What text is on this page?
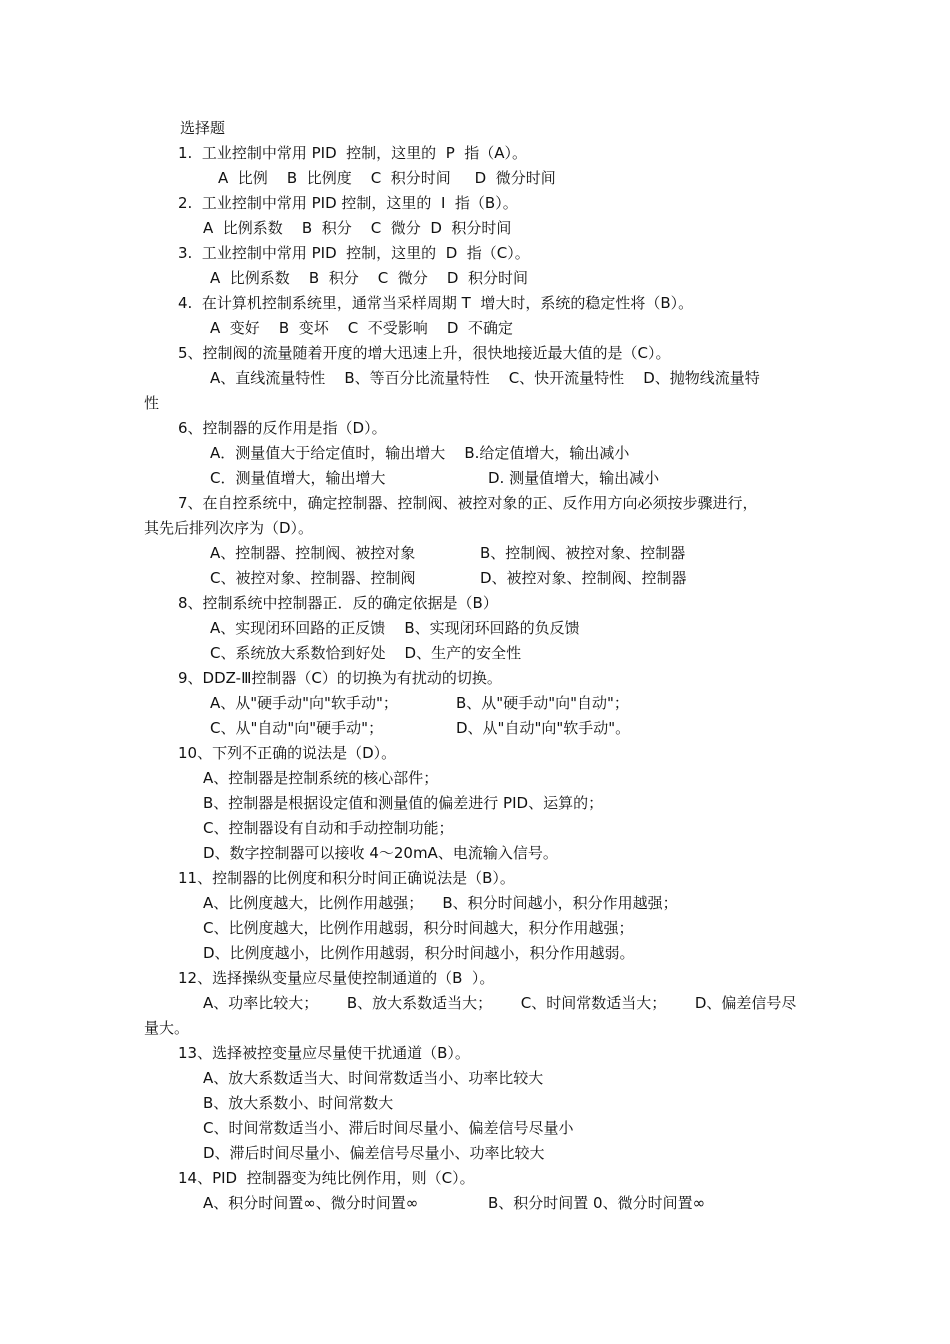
选择题
1.  工业控制中常用 PID  控制，这里的  P  指（A）。
A  比例    B  比例度    C  积分时间     D  微分时间
2.  工业控制中常用 PID 控制，这里的  I  指（B）。
A  比例系数    B  积分    C  微分  D  积分时间
3.  工业控制中常用 PID  控制，这里的  D  指（C）。
A  比例系数    B  积分    C  微分    D  积分时间
4.  在计算机控制系统里，通常当采样周期 T  增大时，系统的稳定性将（B）。
A  变好    B  变坏    C  不受影响    D  不确定
5、控制阀的流量随着开度的增大迅速上升，很快地接近最大值的是（C）。
A、直线流量特性    B、等百分比流量特性    C、快开流量特性    D、抛物线流量特
性
6、控制器的反作用是指（D）。
A．测量值大于给定值时，输出增大    B.给定值增大，输出减小
C．测量值增大，输出增大	D. 测量值增大，输出减小
7、在自控系统中，确定控制器、控制阀、被控对象的正、反作用方向必须按步骤进行，
其先后排列次序为（D）。
A、控制器、控制阀、被控对象	B、控制阀、被控对象、控制器
C、被控对象、控制器、控制阀	D、被控对象、控制阀、控制器
8、控制系统中控制器正．反的确定依据是（B）
A、实现闭环回路的正反馈    B、实现闭环回路的负反馈
C、系统放大系数恰到好处    D、生产的安全性
9、DDZ-Ⅲ控制器（C）的切换为有扰动的切换。
A、从"硬手动"向"软手动"；	B、从"硬手动"向"自动"；
C、从"自动"向"硬手动"；	D、从"自动"向"软手动"。
10、下列不正确的说法是（D）。
A、控制器是控制系统的核心部件；
B、控制器是根据设定值和测量值的偏差进行 PID、运算的；
C、控制器设有自动和手动控制功能；
D、数字控制器可以接收 4～20mA、电流输入信号。
11、控制器的比例度和积分时间正确说法是（B）。
A、比例度越大，比例作用越强；    B、积分时间越小，积分作用越强；
C、比例度越大，比例作用越弱，积分时间越大，积分作用越强；
D、比例度越小，比例作用越弱，积分时间越小，积分作用越弱。
12、选择操纵变量应尽量使控制通道的（B  ）。
A、功率比较大；      B、放大系数适当大；      C、时间常数适当大；      D、偏差信号尽
量大。
13、选择被控变量应尽量使干扰通道（B）。
A、放大系数适当大、时间常数适当小、功率比较大
B、放大系数小、时间常数大
C、时间常数适当小、滞后时间尽量小、偏差信号尽量小
D、滞后时间尽量小、偏差信号尽量小、功率比较大
14、PID  控制器变为纯比例作用，则（C）。
A、积分时间置∞、微分时间置∞	B、积分时间置 0、微分时间置∞
